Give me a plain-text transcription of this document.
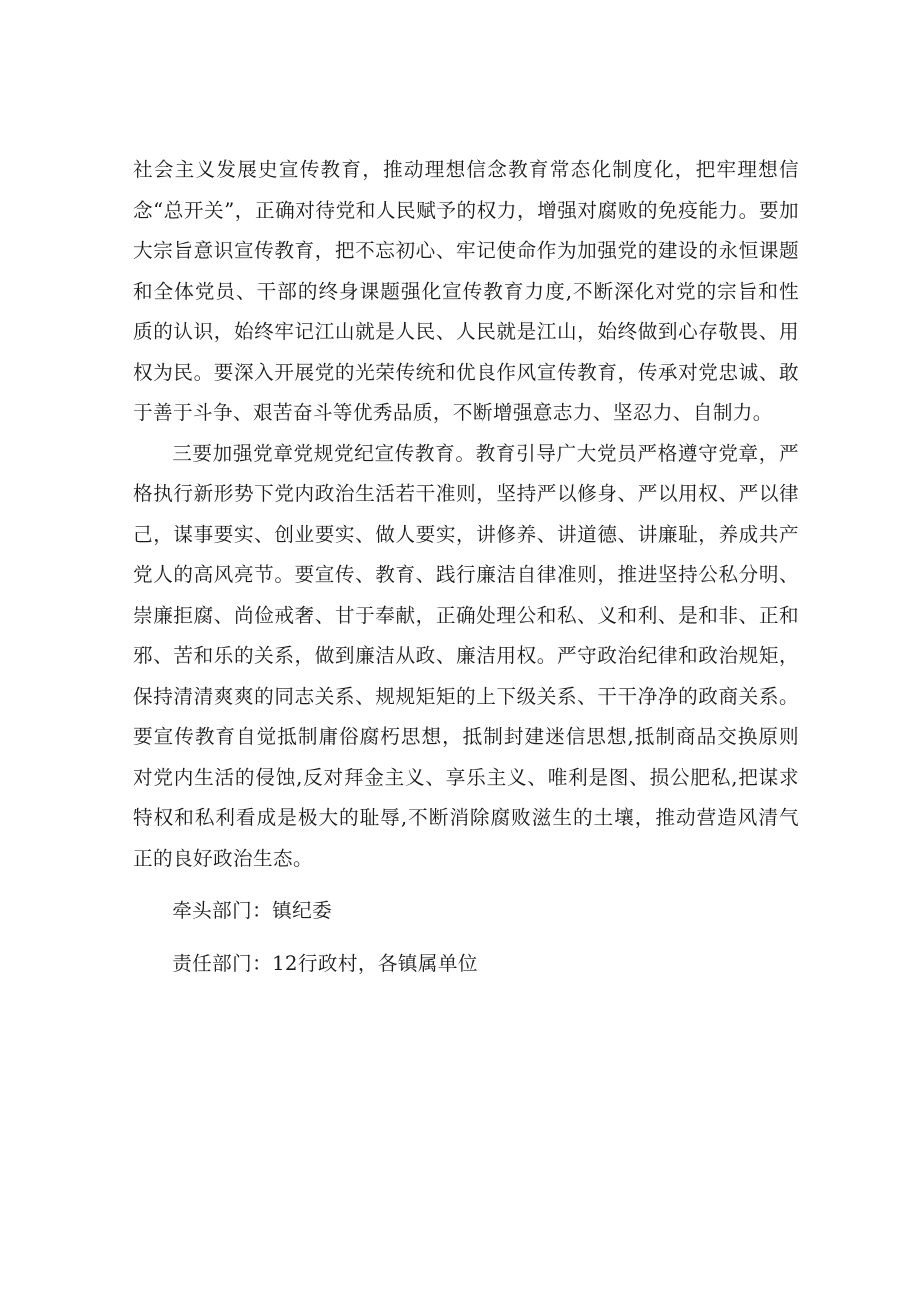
社会主义发展史宣传教育，推动理想信念教育常态化制度化，把牢理想信念“总开关”，正确对待党和人民赋予的权力，增强对腐败的免疫能力。要加大宗旨意识宣传教育，把不忘初心、牢记使命作为加强党的建设的永恒课题和全体党员、干部的终身课题强化宣传教育力度,不断深化对党的宗旨和性质的认识，始终牢记江山就是人民、人民就是江山，始终做到心存敬畏、用权为民。要深入开展党的光荣传统和优良作风宣传教育，传承对党忠诚、敢于善于斗争、艰苦奋斗等优秀品质，不断增强意志力、坚忍力、自制力。

三要加强党章党规党纪宣传教育。教育引导广大党员严格遵守党章，严格执行新形势下党内政治生活若干准则，坚持严以修身、严以用权、严以律己，谋事要实、创业要实、做人要实，讲修养、讲道德、讲廉耻，养成共产党人的高风亮节。要宣传、教育、践行廉洁自律准则，推进坚持公私分明、崇廉拒腐、尚俭戒奢、甘于奉献，正确处理公和私、义和利、是和非、正和邪、苦和乐的关系，做到廉洁从政、廉洁用权。严守政治纪律和政治规矩，保持清清爽爽的同志关系、规规矩矩的上下级关系、干干净净的政商关系。要宣传教育自觉抵制庸俗腐朽思想，抵制封建迷信思想,抵制商品交换原则对党内生活的侵蚀,反对拜金主义、享乐主义、唯利是图、损公肥私,把谋求特权和私利看成是极大的耻辱,不断消除腐败滋生的土壤，推动营造风清气正的良好政治生态。

牵头部门：镇纪委

责任部门：12行政村，各镇属单位
